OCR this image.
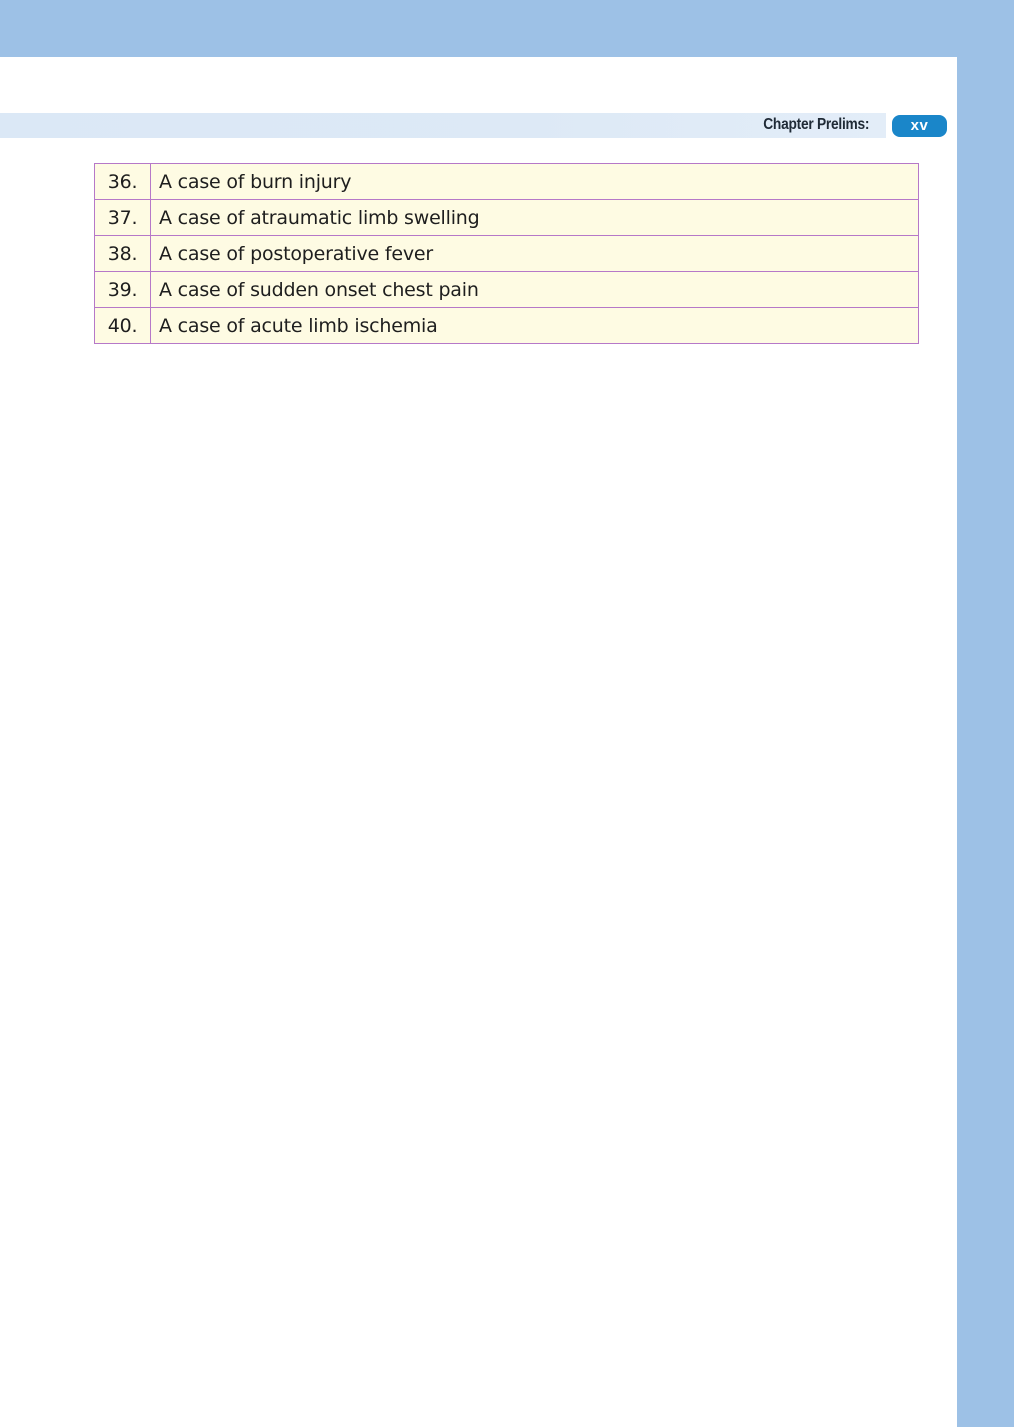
Chapter Prelims:	xv
36.	A case of burn injury
37.	A case of atraumatic limb swelling
38.	A case of postoperative fever
39.	A case of sudden onset chest pain
40.	A case of acute limb ischemia
